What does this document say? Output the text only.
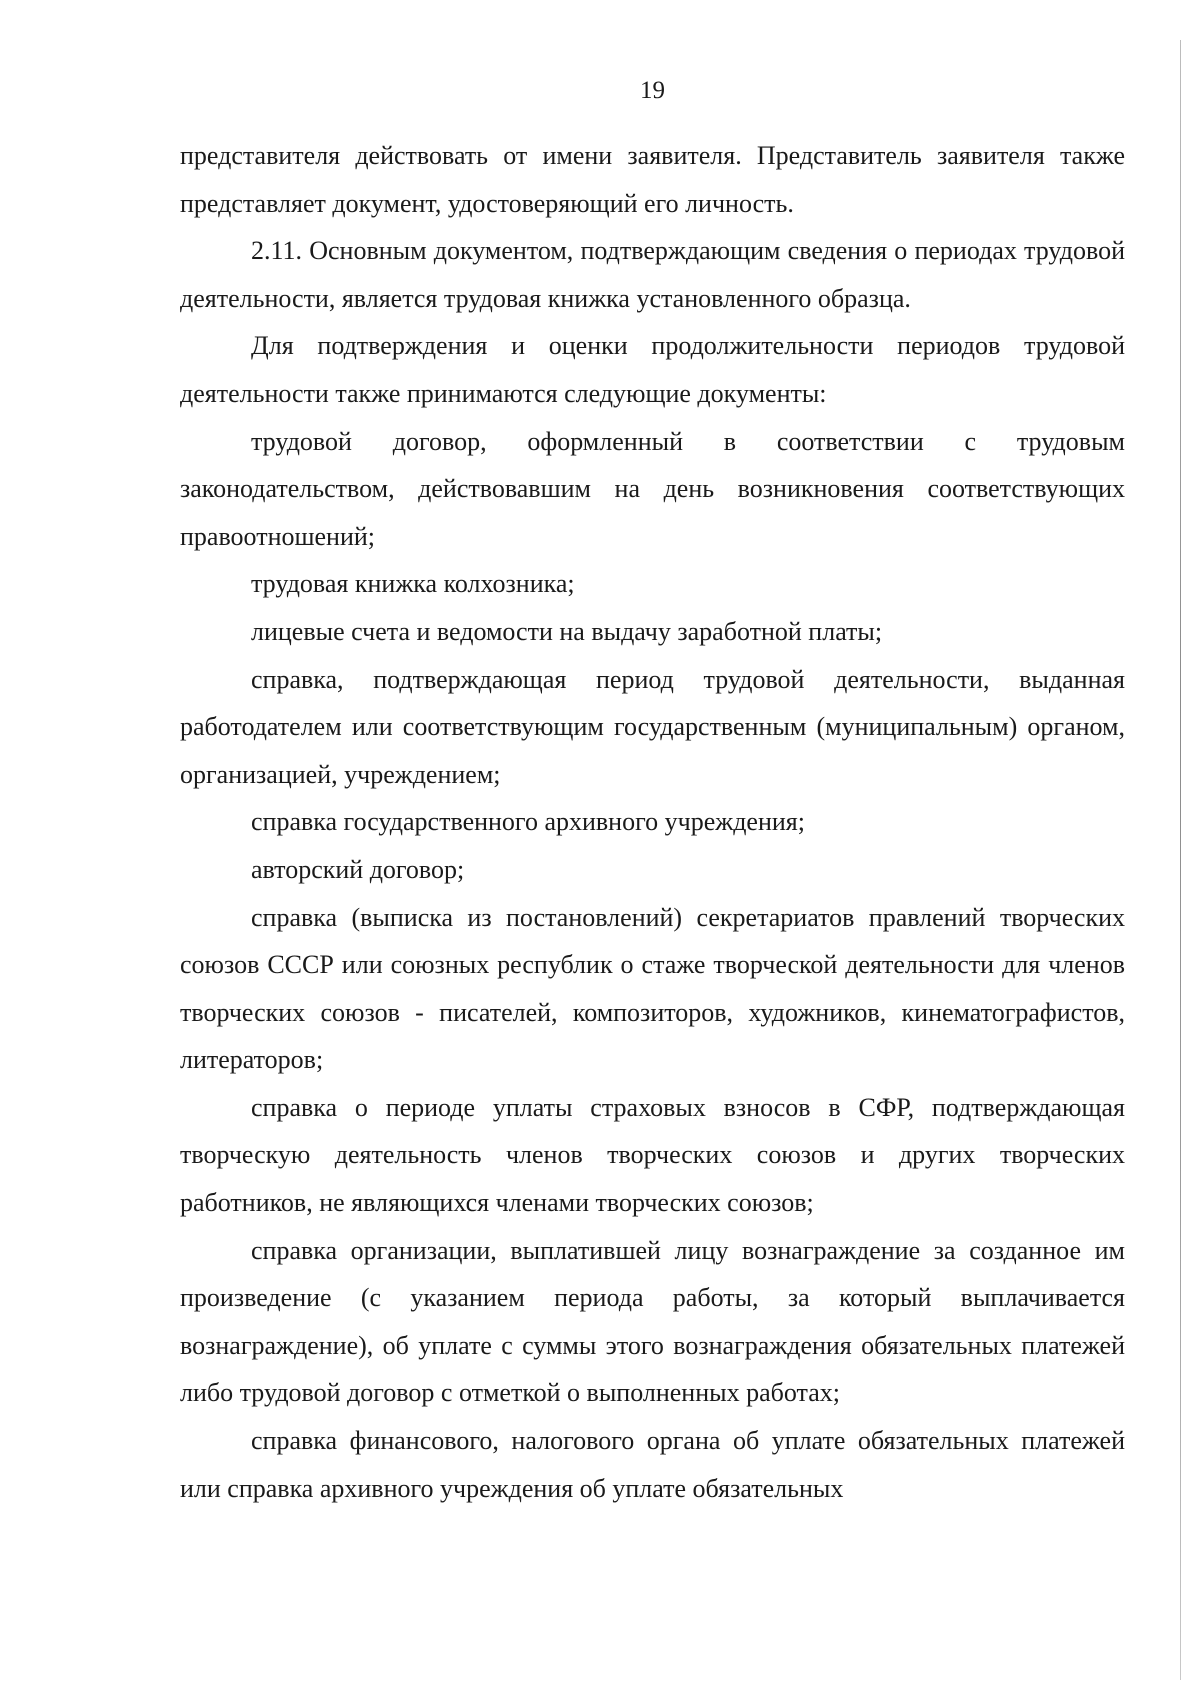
19

представителя действовать от имени заявителя. Представитель заявителя также представляет документ, удостоверяющий его личность.

2.11. Основным документом, подтверждающим сведения о периодах трудовой деятельности, является трудовая книжка установленного образца.

Для подтверждения и оценки продолжительности периодов трудовой деятельности также принимаются следующие документы:

трудовой договор, оформленный в соответствии с трудовым законодательством, действовавшим на день возникновения соответствующих правоотношений;

трудовая книжка колхозника;

лицевые счета и ведомости на выдачу заработной платы;

справка, подтверждающая период трудовой деятельности, выданная работодателем или соответствующим государственным (муниципальным) органом, организацией, учреждением;

справка государственного архивного учреждения;

авторский договор;

справка (выписка из постановлений) секретариатов правлений творческих союзов СССР или союзных республик о стаже творческой деятельности для членов творческих союзов - писателей, композиторов, художников, кинематографистов, литераторов;

справка о периоде уплаты страховых взносов в СФР, подтверждающая творческую деятельность членов творческих союзов и других творческих работников, не являющихся членами творческих союзов;

справка организации, выплатившей лицу вознаграждение за созданное им произведение (с указанием периода работы, за который выплачивается вознаграждение), об уплате с суммы этого вознаграждения обязательных платежей либо трудовой договор с отметкой о выполненных работах;

справка финансового, налогового органа об уплате обязательных платежей или справка архивного учреждения об уплате обязательных
